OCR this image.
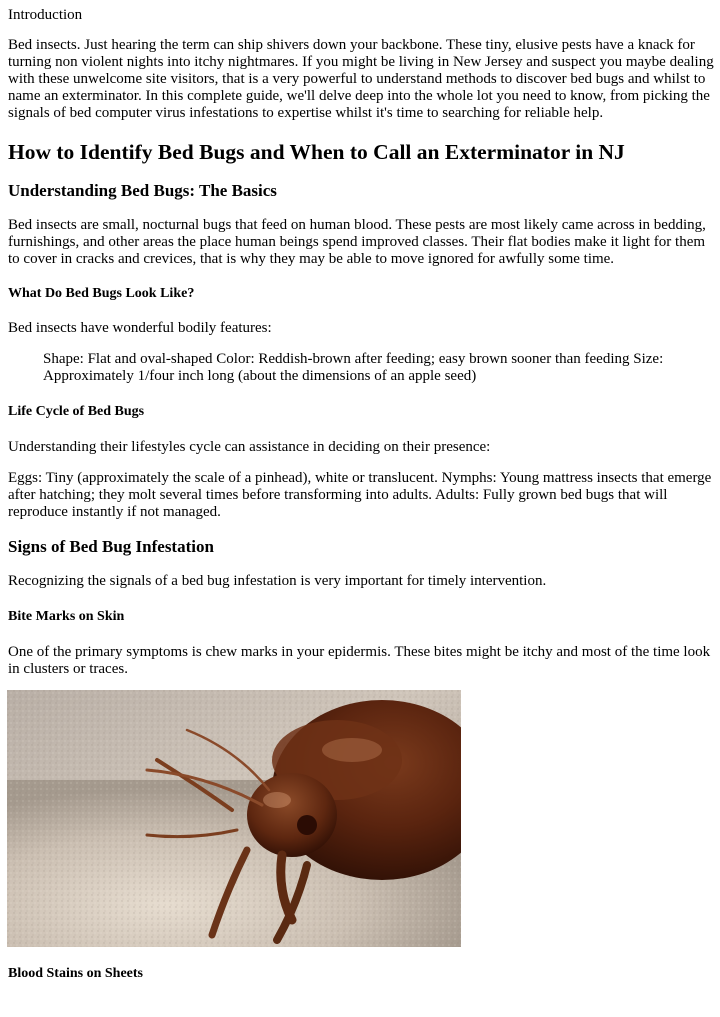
Introduction

Bed insects. Just hearing the term can ship shivers down your backbone. These tiny, elusive pests have a knack for turning non violent nights into itchy nightmares. If you might be living in New Jersey and suspect you maybe dealing with these unwelcome site visitors, that is a very powerful to understand methods to discover bed bugs and whilst to name an exterminator. In this complete guide, we'll delve deep into the whole lot you need to know, from picking the signals of bed computer virus infestations to expertise whilst it's time to searching for reliable help.

How to Identify Bed Bugs and When to Call an Exterminator in NJ
Understanding Bed Bugs: The Basics

Bed insects are small, nocturnal bugs that feed on human blood. These pests are most likely came across in bedding, furnishings, and other areas the place human beings spend improved classes. Their flat bodies make it light for them to cover in cracks and crevices, that is why they may be able to move ignored for awfully some time.

What Do Bed Bugs Look Like?

Bed insects have wonderful bodily features:

Shape: Flat and oval-shaped Color: Reddish-brown after feeding; easy brown sooner than feeding Size: Approximately 1/four inch long (about the dimensions of an apple seed)

Life Cycle of Bed Bugs

Understanding their lifestyles cycle can assistance in deciding on their presence:

Eggs: Tiny (approximately the scale of a pinhead), white or translucent. Nymphs: Young mattress insects that emerge after hatching; they molt several times before transforming into adults. Adults: Fully grown bed bugs that will reproduce instantly if not managed.

Signs of Bed Bug Infestation

Recognizing the signals of a bed bug infestation is very important for timely intervention.

Bite Marks on Skin

One of the primary symptoms is chew marks in your epidermis. These bites might be itchy and most of the time look in clusters or traces.

Blood Stains on Sheets
